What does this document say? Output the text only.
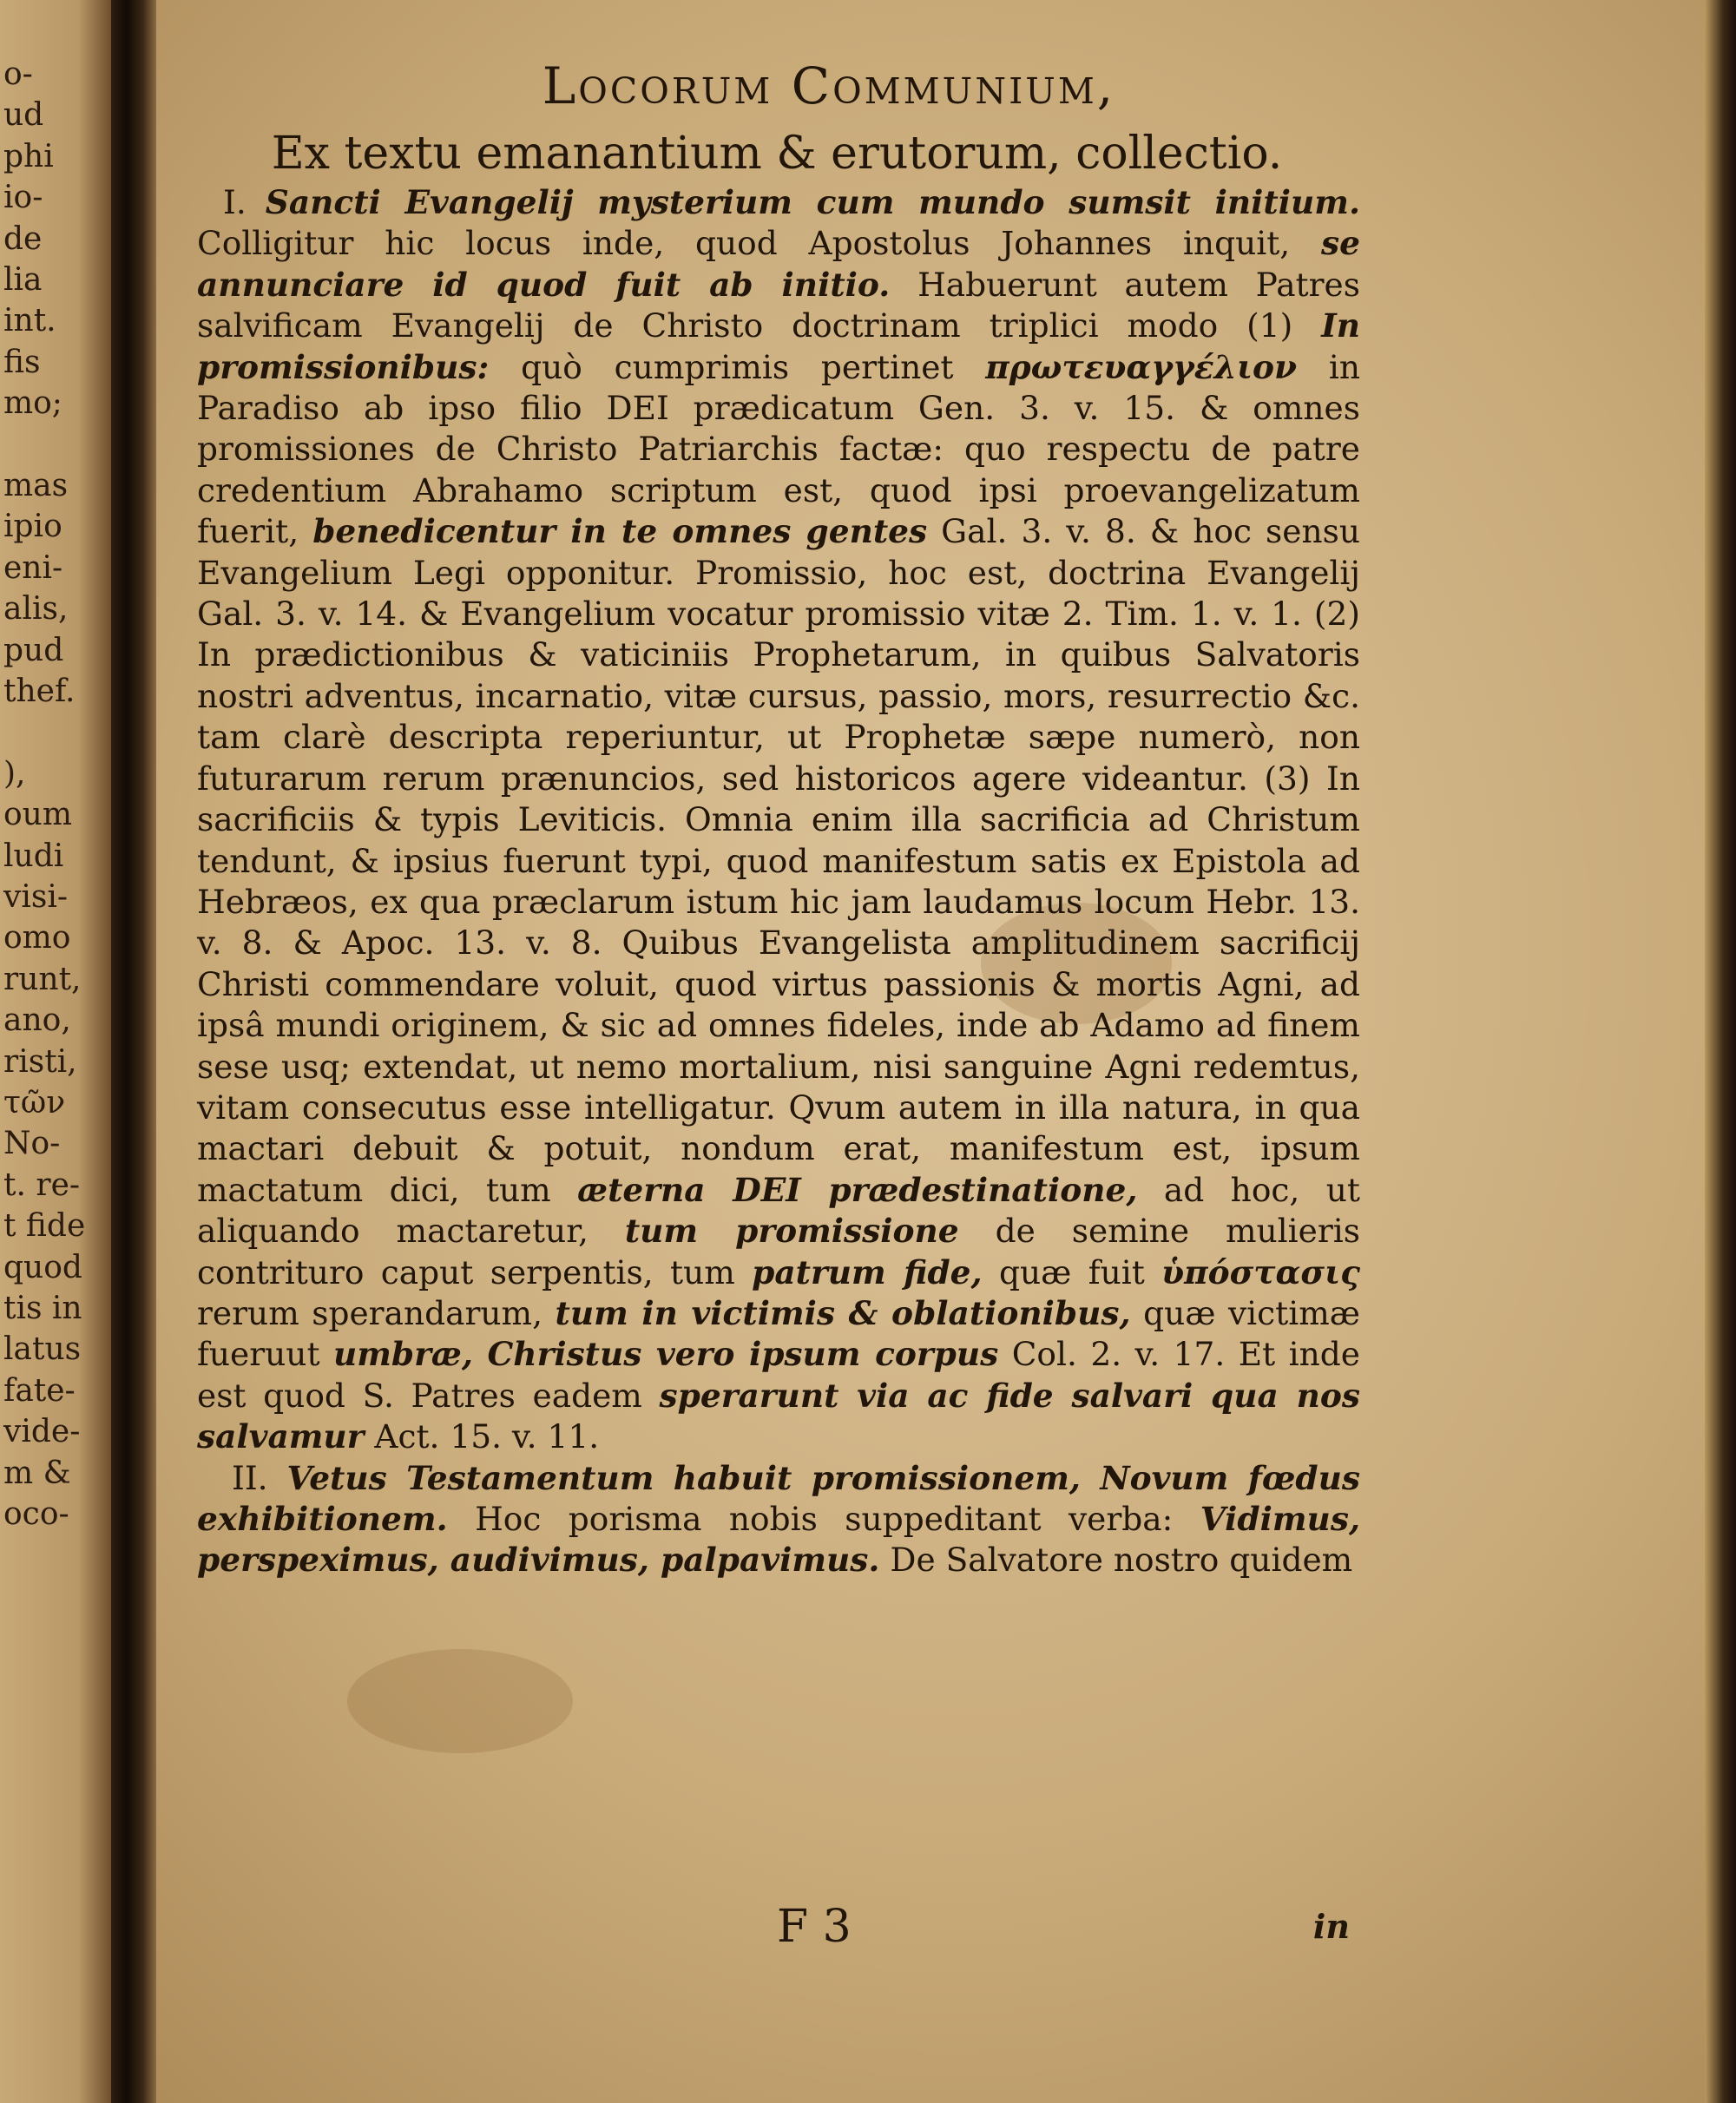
o-
ud
phi
io-
de
lia
int.
fis
mo;
mas
ipio
eni-
alis,
pud
thef.
),
oum
ludi
visi-
omo
runt,
ano,
risti,
τῶν
No-
t. re-
t fide
quod
tis in
latus
fate-
vide-
m &
oco-
Locorum Communium,
Ex textu emanantium & erutorum, collectio.

I. Sancti Evangelij mysterium cum mundo sumsit initium. Colligitur hic locus inde, quod Apostolus Johannes inquit, se annunciare id quod fuit ab initio. Habuerunt autem Patres salvificam Evangelij de Christo doctrinam triplici modo (1) In promissionibus: quò cumprimis pertinet πρωτευαγγέλιον in Paradiso ab ipso filio DEI prædicatum Gen. 3. v. 15. & omnes promissiones de Christo Patriarchis factæ: quo respectu de patre credentium Abrahamo scriptum est, quod ipsi proevangelizatum fuerit, benedicentur in te omnes gentes Gal. 3. v. 8. & hoc sensu Evangelium Legi opponitur. Promissio, hoc est, doctrina Evangelij Gal. 3. v. 14. & Evangelium vocatur promissio vitæ 2. Tim. 1. v. 1. (2) In prædictionibus & vaticiniis Prophetarum, in quibus Salvatoris nostri adventus, incarnatio, vitæ cursus, passio, mors, resurrectio &c. tam clarè descripta reperiuntur, ut Prophetæ sæpe numerò, non futurarum rerum prænuncios, sed historicos agere videantur. (3) In sacrificiis & typis Leviticis. Omnia enim illa sacrificia ad Christum tendunt, & ipsius fuerunt typi, quod manifestum satis ex Epistola ad Hebræos, ex qua præclarum istum hic jam laudamus locum Hebr. 13. v. 8. & Apoc. 13. v. 8. Quibus Evangelista amplitudinem sacrificij Christi commendare voluit, quod virtus passionis & mortis Agni, ad ipsâ mundi originem, & sic ad omnes fideles, inde ab Adamo ad finem sese usq; extendat, ut nemo mortalium, nisi sanguine Agni redemtus, vitam consecutus esse intelligatur. Qvum autem in illa natura, in qua mactari debuit & potuit, nondum erat, manifestum est, ipsum mactatum dici, tum æterna DEI prædestinatione, ad hoc, ut aliquando mactaretur, tum promissione de semine mulieris contrituro caput serpentis, tum patrum fide, quæ fuit ὑπόστασις rerum sperandarum, tum in victimis & oblationibus, quæ victimæ fueruut umbræ, Christus vero ipsum corpus Col. 2. v. 17. Et inde est quod S. Patres eadem sperarunt via ac fide salvari qua nos salvamur Act. 15. v. 11.

II. Vetus Testamentum habuit promissionem, Novum fœdus exhibitionem. Hoc porisma nobis suppeditant verba: Vidimus, perspeximus, audivimus, palpavimus. De Salvatore nostro quidem

F 3	in
